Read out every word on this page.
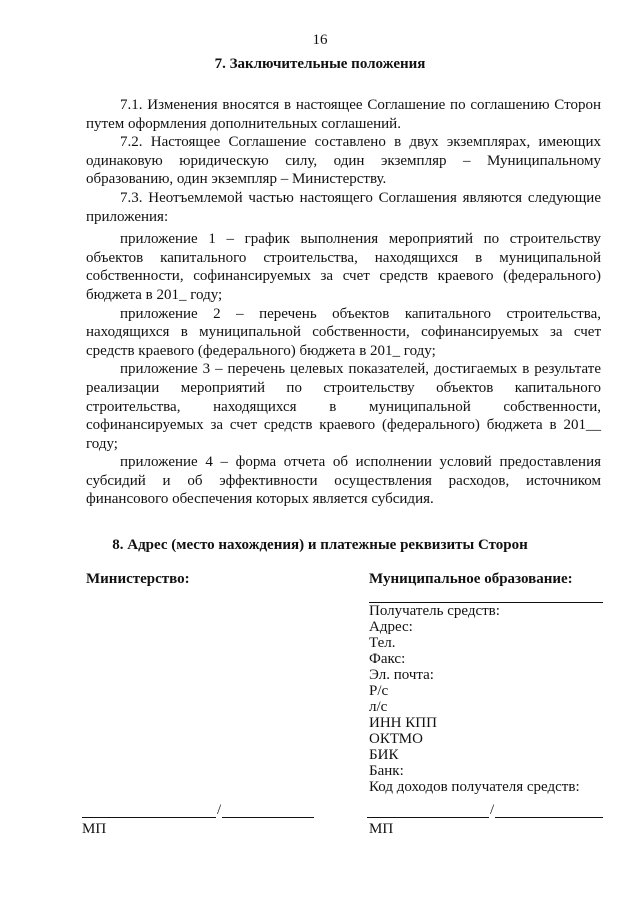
16
7. Заключительные положения

7.1. Изменения вносятся в настоящее Соглашение по соглашению Сторон путем оформления дополнительных соглашений.

7.2. Настоящее Соглашение составлено в двух экземплярах, имеющих одинаковую юридическую силу, один экземпляр – Муниципальному образованию, один экземпляр – Министерству.

7.3. Неотъемлемой частью настоящего Соглашения являются следующие приложения:

приложение 1 – график выполнения мероприятий по строительству объектов капитального строительства, находящихся в муниципальной собственности, софинансируемых за счет средств краевого (федерального) бюджета в 201_ году;

приложение 2 – перечень объектов капитального строительства, находящихся в муниципальной собственности, софинансируемых за счет средств краевого (федерального) бюджета в 201_ году;

приложение 3 – перечень целевых показателей, достигаемых в результате реализации мероприятий по строительству объектов капитального строительства, находящихся в муниципальной собственности, софинансируемых за счет средств краевого (федерального) бюджета в 201__ году;

приложение 4 – форма отчета об исполнении условий предоставления субсидий и об эффективности осуществления расходов, источником финансового обеспечения которых является субсидия.

8. Адрес (место нахождения) и платежные реквизиты Сторон
Министерство:	Муниципальное образование:
Получатель средств:
Адрес:
Тел.
Факс:
Эл. почта:
Р/с
л/с
ИНН КПП
ОКТМО
БИК
Банк:
Код доходов получателя средств:
/	/
МП	МП
